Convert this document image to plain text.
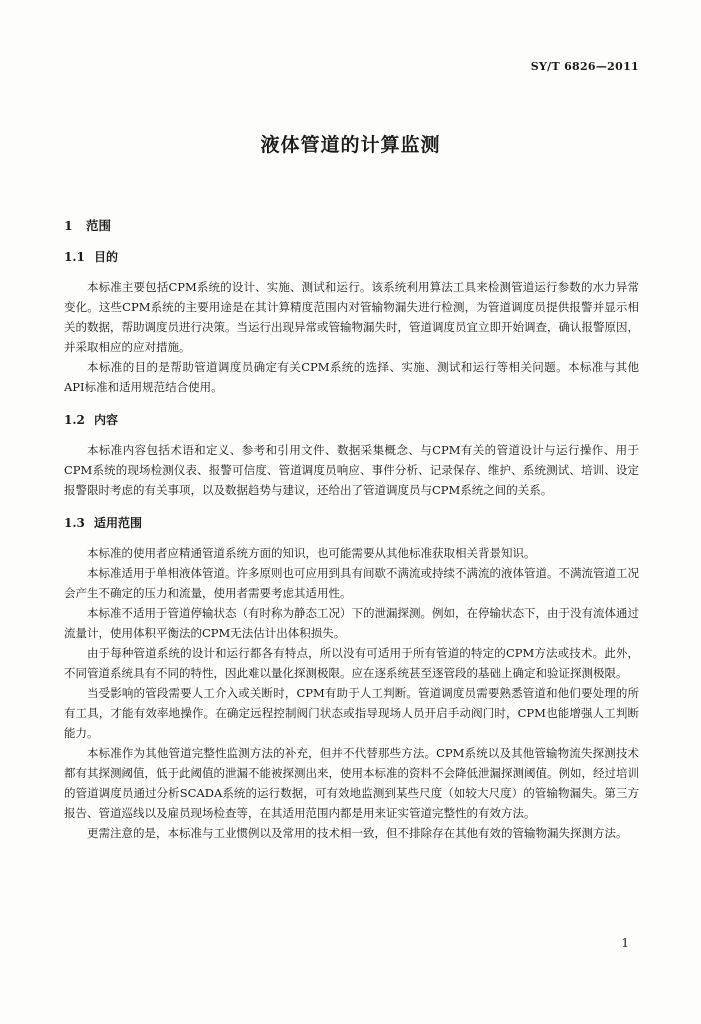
SY/T 6826—2011
液体管道的计算监测
1 范围
1.1 目的

本标准主要包括CPM系统的设计、实施、测试和运行。该系统利用算法工具来检测管道运行参数的水力异常变化。这些CPM系统的主要用途是在其计算精度范围内对管输物漏失进行检测，为管道调度员提供报警并显示相关的数据，帮助调度员进行决策。当运行出现异常或管输物漏失时，管道调度员宜立即开始调查，确认报警原因，并采取相应的应对措施。

本标准的目的是帮助管道调度员确定有关CPM系统的选择、实施、测试和运行等相关问题。本标准与其他API标准和适用规范结合使用。

1.2 内容

本标准内容包括术语和定义、参考和引用文件、数据采集概念、与CPM有关的管道设计与运行操作、用于CPM系统的现场检测仪表、报警可信度、管道调度员响应、事件分析、记录保存、维护、系统测试、培训、设定报警限时考虑的有关事项，以及数据趋势与建议，还给出了管道调度员与CPM系统之间的关系。

1.3 适用范围

本标准的使用者应精通管道系统方面的知识，也可能需要从其他标准获取相关背景知识。

本标准适用于单相液体管道。许多原则也可应用到具有间歇不满流或持续不满流的液体管道。不满流管道工况会产生不确定的压力和流量，使用者需要考虑其适用性。

本标准不适用于管道停输状态（有时称为静态工况）下的泄漏探测。例如，在停输状态下，由于没有流体通过流量计，使用体积平衡法的CPM无法估计出体积损失。

由于每种管道系统的设计和运行都各有特点，所以没有可适用于所有管道的特定的CPM方法或技术。此外，不同管道系统具有不同的特性，因此难以量化探测极限。应在逐系统甚至逐管段的基础上确定和验证探测极限。

当受影响的管段需要人工介入或关断时，CPM有助于人工判断。管道调度员需要熟悉管道和他们要处理的所有工具，才能有效率地操作。在确定远程控制阀门状态或指导现场人员开启手动阀门时，CPM也能增强人工判断能力。

本标准作为其他管道完整性监测方法的补充，但并不代替那些方法。CPM系统以及其他管输物流失探测技术都有其探测阈值，低于此阈值的泄漏不能被探测出来，使用本标准的资料不会降低泄漏探测阈值。例如，经过培训的管道调度员通过分析SCADA系统的运行数据，可有效地监测到某些尺度（如较大尺度）的管输物漏失。第三方报告、管道巡线以及雇员现场检查等，在其适用范围内都是用来证实管道完整性的有效方法。

更需注意的是，本标准与工业惯例以及常用的技术相一致，但不排除存在其他有效的管输物漏失探测方法。

1
